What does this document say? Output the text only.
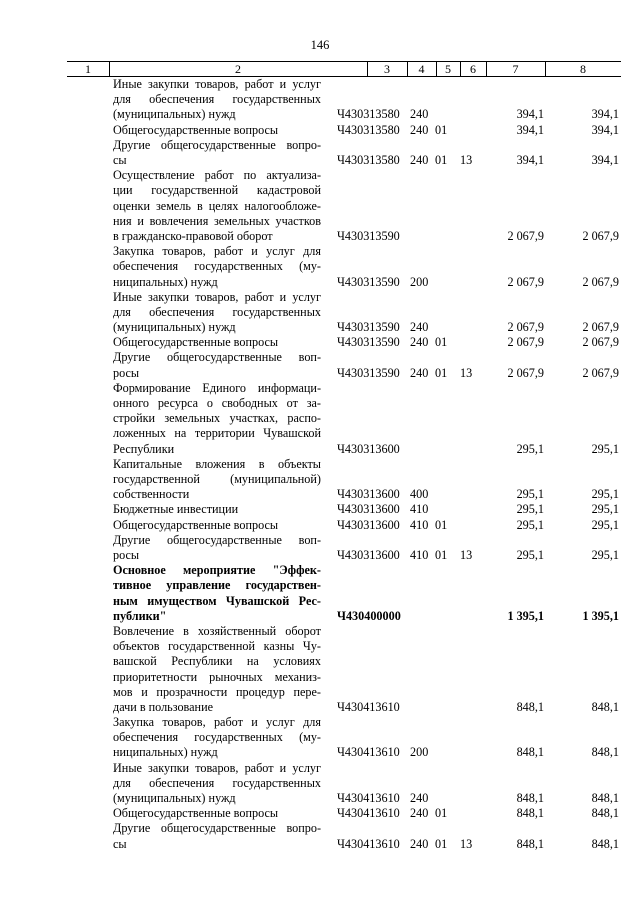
146
1	2	3	4	5	6	7	8
Иные закупки товаров, работ и услуг
для обеспечения государственных
(муниципальных) нужд	Ч430313580 240	394,1	394,1
Общегосударственные вопросы	Ч430313580 240 01	394,1	394,1
Другие общегосударственные вопро-
сы	Ч430313580 240 01 13	394,1	394,1
Осуществление работ по актуализа-
ции государственной кадастровой
оценки земель в целях налогообложе-
ния и вовлечения земельных участков
в гражданско-правовой оборот	Ч430313590	2 067,9	2 067,9
Закупка товаров, работ и услуг для
обеспечения государственных (му-
ниципальных) нужд	Ч430313590 200	2 067,9	2 067,9
Иные закупки товаров, работ и услуг
для обеспечения государственных
(муниципальных) нужд	Ч430313590 240	2 067,9	2 067,9
Общегосударственные вопросы	Ч430313590 240 01	2 067,9	2 067,9
Другие общегосударственные воп-
росы	Ч430313590 240 01 13	2 067,9	2 067,9
Формирование Единого информаци-
онного ресурса о свободных от за-
стройки земельных участках, распо-
ложенных на территории Чувашской
Республики	Ч430313600	295,1	295,1
Капитальные вложения в объекты
государственной (муниципальной)
собственности	Ч430313600 400	295,1	295,1
Бюджетные инвестиции	Ч430313600 410	295,1	295,1
Общегосударственные вопросы	Ч430313600 410 01	295,1	295,1
Другие общегосударственные воп-
росы	Ч430313600 410 01 13	295,1	295,1
Основное мероприятие "Эффек-
тивное управление государствен-
ным имуществом Чувашской Рес-
публики"	Ч430400000	1 395,1	1 395,1
Вовлечение в хозяйственный оборот
объектов государственной казны Чу-
вашской Республики на условиях
приоритетности рыночных механиз-
мов и прозрачности процедур пере-
дачи в пользование	Ч430413610	848,1	848,1
Закупка товаров, работ и услуг для
обеспечения государственных (му-
ниципальных) нужд	Ч430413610 200	848,1	848,1
Иные закупки товаров, работ и услуг
для обеспечения государственных
(муниципальных) нужд	Ч430413610 240	848,1	848,1
Общегосударственные вопросы	Ч430413610 240 01	848,1	848,1
Другие общегосударственные вопро-
сы	Ч430413610 240 01 13	848,1	848,1
